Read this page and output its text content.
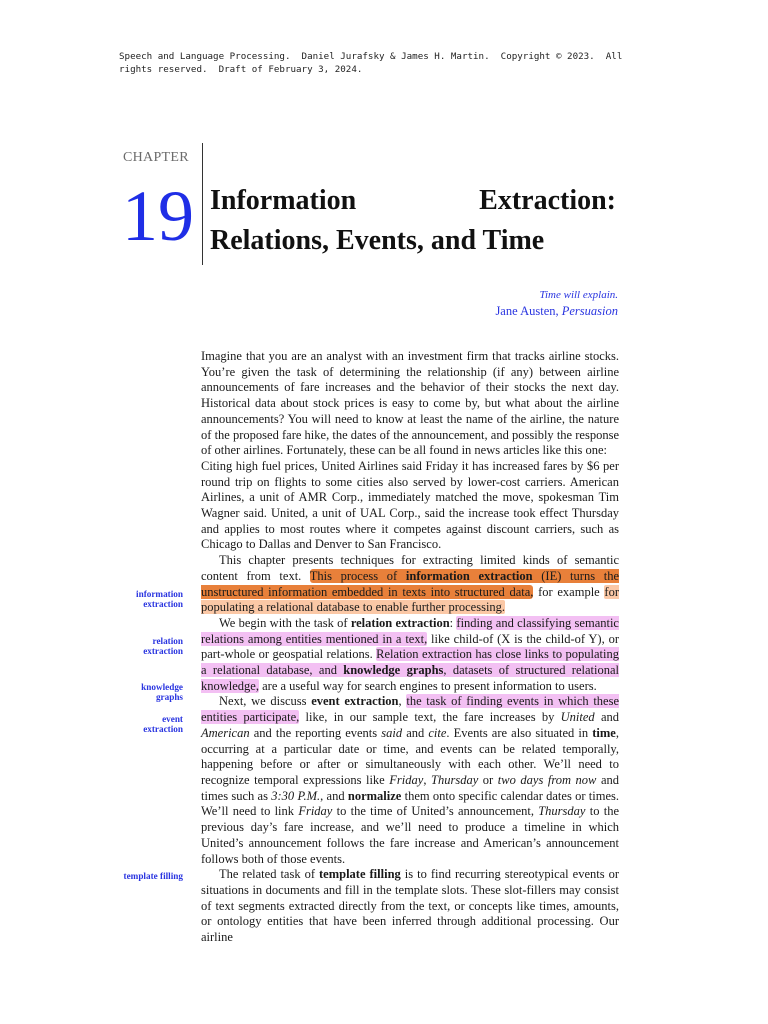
Speech and Language Processing.  Daniel Jurafsky & James H. Martin.  Copyright © 2023.  All
rights reserved.  Draft of February 3, 2024.
CHAPTER
19 Information	Extraction:
Relations, Events, and Time
Time will explain.
Jane Austen, Persuasion
information
extraction
relation
extraction
knowledge
graphs
event
extraction
template filling

Imagine that you are an analyst with an investment firm that tracks airline stocks. You’re given the task of determining the relationship (if any) between airline announcements of fare increases and the behavior of their stocks the next day. Historical data about stock prices is easy to come by, but what about the airline announcements? You will need to know at least the name of the airline, the nature of the proposed fare hike, the dates of the announcement, and possibly the response of other airlines. Fortunately, these can be all found in news articles like this one:

Citing high fuel prices, United Airlines said Friday it has increased fares by $6 per round trip on flights to some cities also served by lower-cost carriers. American Airlines, a unit of AMR Corp., immediately matched the move, spokesman Tim Wagner said. United, a unit of UAL Corp., said the increase took effect Thursday and applies to most routes where it competes against discount carriers, such as Chicago to Dallas and Denver to San Francisco.

This chapter presents techniques for extracting limited kinds of semantic content from text. This process of information extraction (IE) turns the unstructured information embedded in texts into structured data, for example for populating a relational database to enable further processing.

We begin with the task of relation extraction: finding and classifying semantic relations among entities mentioned in a text, like child-of (X is the child-of Y), or part-whole or geospatial relations. Relation extraction has close links to populating a relational database, and knowledge graphs, datasets of structured relational knowledge, are a useful way for search engines to present information to users.

Next, we discuss event extraction, the task of finding events in which these entities participate, like, in our sample text, the fare increases by United and American and the reporting events said and cite. Events are also situated in time, occurring at a particular date or time, and events can be related temporally, happening before or after or simultaneously with each other. We’ll need to recognize temporal expressions like Friday, Thursday or two days from now and times such as 3:30 P.M., and normalize them onto specific calendar dates or times. We’ll need to link Friday to the time of United’s announcement, Thursday to the previous day’s fare increase, and we’ll need to produce a timeline in which United’s announcement follows the fare increase and American’s announcement follows both of those events.

The related task of template filling is to find recurring stereotypical events or situations in documents and fill in the template slots. These slot-fillers may consist of text segments extracted directly from the text, or concepts like times, amounts, or ontology entities that have been inferred through additional processing. Our airline
